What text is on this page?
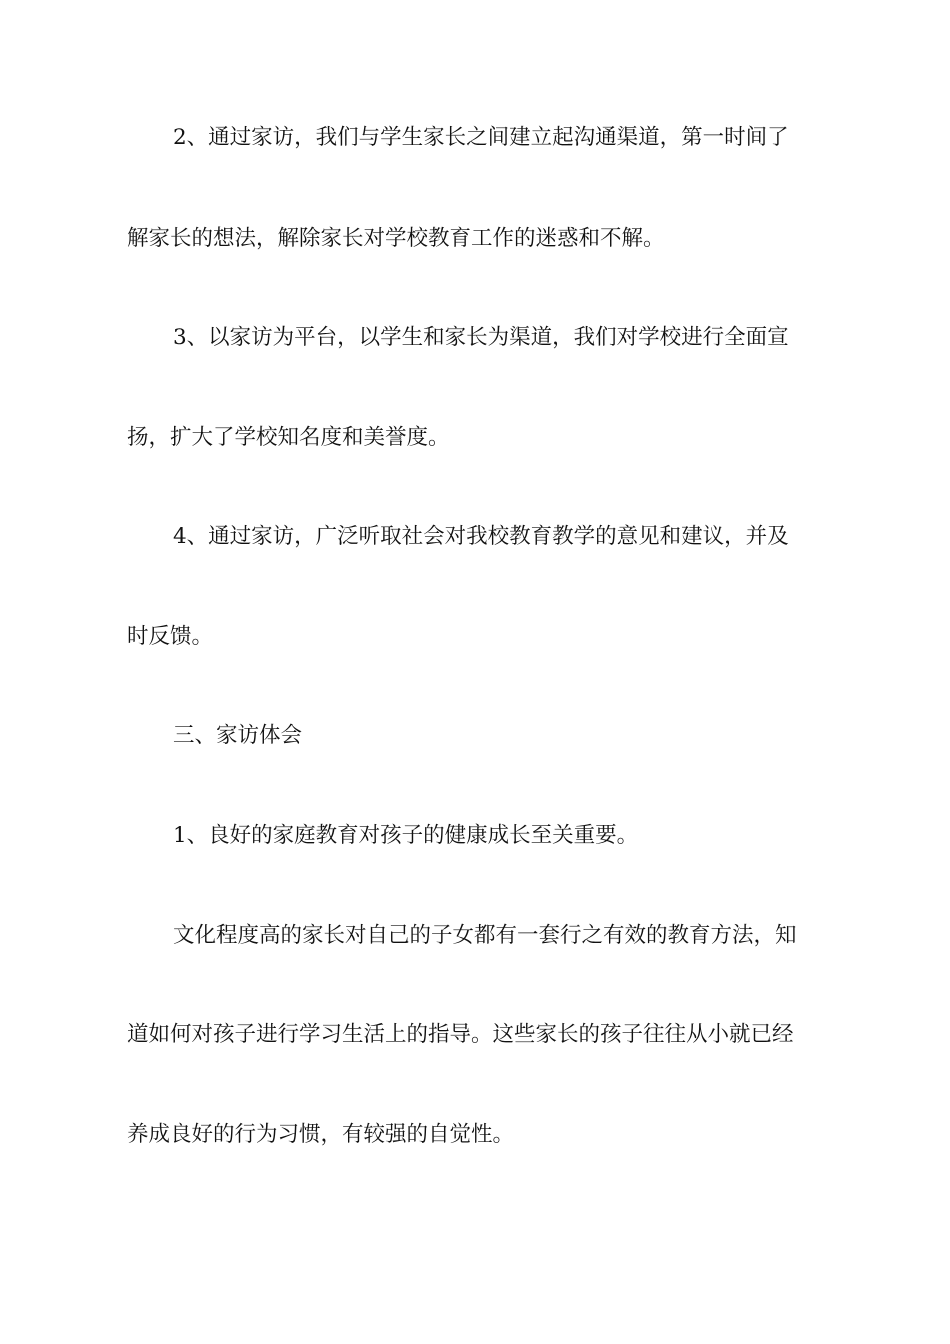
2、通过家访，我们与学生家长之间建立起沟通渠道，第一时间了

解家长的想法，解除家长对学校教育工作的迷惑和不解。

3、以家访为平台，以学生和家长为渠道，我们对学校进行全面宣

扬，扩大了学校知名度和美誉度。

4、通过家访，广泛听取社会对我校教育教学的意见和建议，并及

时反馈。

三、家访体会

1、良好的家庭教育对孩子的健康成长至关重要。

文化程度高的家长对自己的子女都有一套行之有效的教育方法，知

道如何对孩子进行学习生活上的指导。这些家长的孩子往往从小就已经

养成良好的行为习惯，有较强的自觉性。
